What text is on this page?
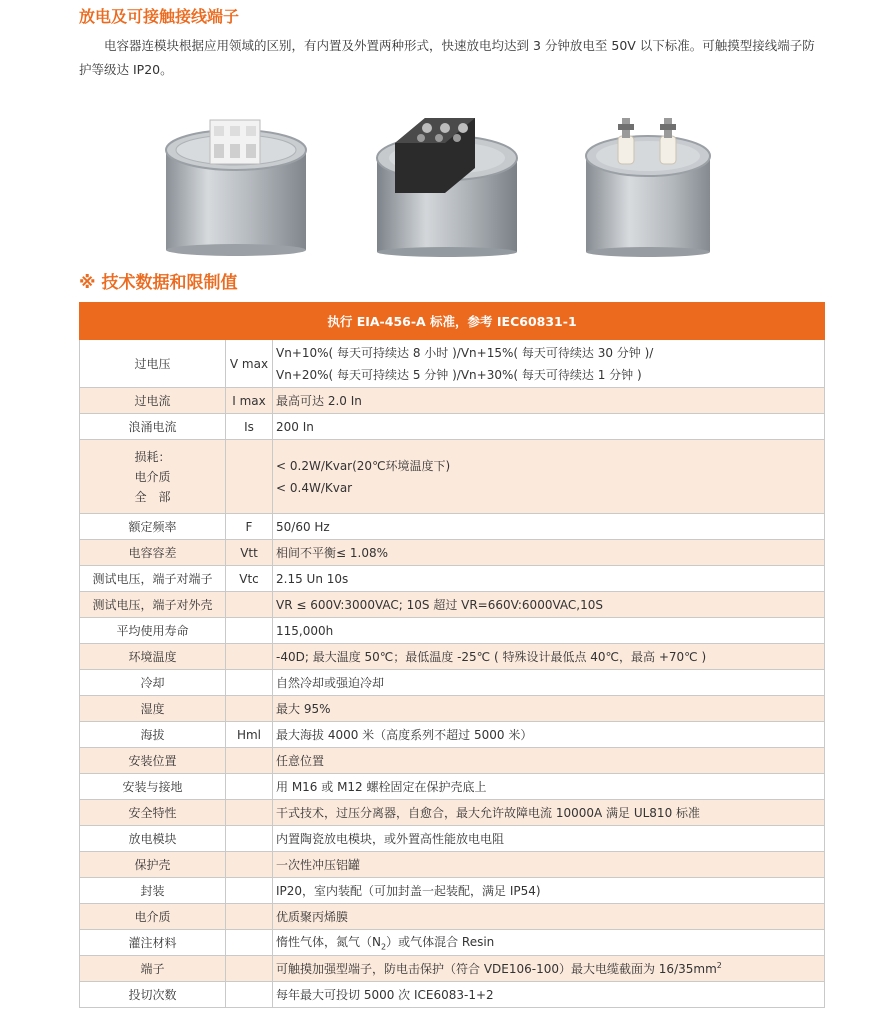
放电及可接触接线端子

电容器连模块根据应用领域的区别，有内置及外置两种形式，快速放电均达到 3 分钟放电至 50V 以下标准。可触摸型接线端子防护等级达 IP20。

※ 技术数据和限制值
执行 EIA-456-A 标准，参考 IEC60831-1		
过电压	V max	Vn+10%( 每天可持续达 8 小时 )/Vn+15%( 每天可待续达 30 分钟 )/
Vn+20%( 每天可持续达 5 分钟 )/Vn+30%( 每天可待续达 1 分钟 )

过电流	I max	最高可达 2.0 In
浪涌电流	Is	200 In

损耗：
电介质
全　部		< 0.2W/Kvar(20℃环境温度下)
< 0.4W/Kvar

额定频率	F	50/60 Hz
电容容差	Vtt	相间不平衡≤ 1.08%
测试电压，端子对端子	Vtc	2.15 Un 10s
测试电压，端子对外壳		VR ≤ 600V:3000VAC; 10S 超过 VR=660V:6000VAC,10S
平均使用寿命		115,000h
环境温度		-40D; 最大温度 50℃；最低温度 -25℃ ( 特殊设计最低点 40℃，最高 +70℃ )
冷却		自然冷却或强迫冷却
湿度		最大 95%
海拔	Hml	最大海拔 4000 米（高度系列不超过 5000 米）
安装位置		任意位置
安装与接地		用 M16 或 M12 螺栓固定在保护壳底上
安全特性		干式技术，过压分离器，自愈合，最大允许故障电流 10000A 满足 UL810 标准
放电模块		内置陶瓷放电模块，或外置高性能放电电阻
保护壳		一次性冲压铝罐
封装		IP20，室内装配（可加封盖一起装配，满足 IP54)
电介质		优质聚丙烯膜
灌注材料		惰性气体，氮气$(N_2)$或气体混合 Resin
端子		可触摸加强型端子，防电击保护（符合 VDE106-100）最大电缆截面为 $16/35mm^2$
投切次数		每年最大可投切 5000 次 ICE6083-1+2
